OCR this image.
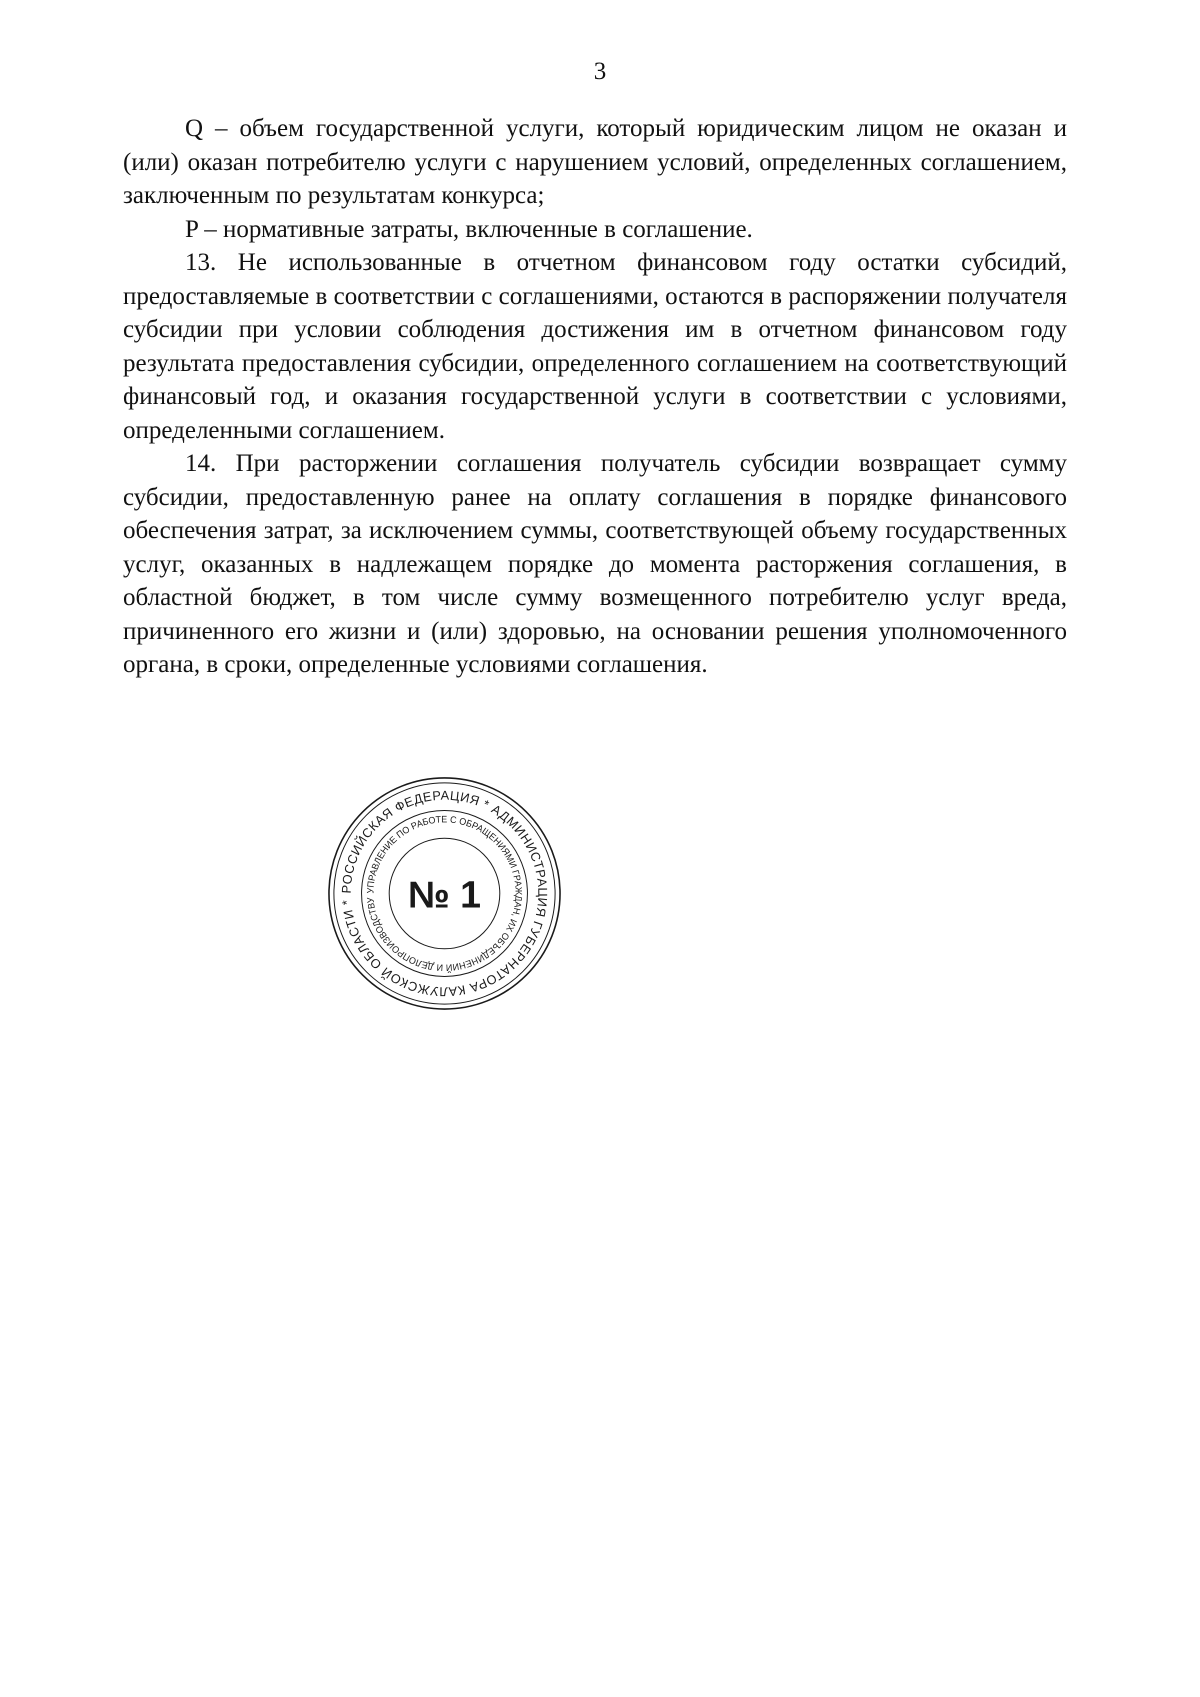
3

Q – объем государственной услуги, который юридическим лицом не оказан и (или) оказан потребителю услуги с нарушением условий, определенных соглашением, заключенным по результатам конкурса;

P – нормативные затраты, включенные в соглашение.

13. Не использованные в отчетном финансовом году остатки субсидий, предоставляемые в соответствии с соглашениями, остаются в распоряжении получателя субсидии при условии соблюдения достижения им в отчетном финансовом году результата предоставления субсидии, определенного соглашением на соответствующий финансовый год, и оказания государственной услуги в соответствии с условиями, определенными соглашением.

14. При расторжении соглашения получатель субсидии возвращает сумму субсидии, предоставленную ранее на оплату соглашения в порядке финансового обеспечения затрат, за исключением суммы, соответствующей объему государственных услуг, оказанных в надлежащем порядке до момента расторжения соглашения, в областной бюджет, в том числе сумму возмещенного потребителю услуг вреда, причиненного его жизни и (или) здоровью, на основании решения уполномоченного органа, в сроки, определенные условиями соглашения.

РОССИЙСКАЯ ФЕДЕРАЦИЯ * АДМИНИСТРАЦИЯ ГУБЕРНАТОРА КАЛУЖСКОЙ ОБЛАСТИ *
УПРАВЛЕНИЕ ПО РАБОТЕ С ОБРАЩЕНИЯМИ ГРАЖДАН, ИХ ОБЪЕДИНЕНИЙ И ДЕЛОПРОИЗВОДСТВУ № 1
